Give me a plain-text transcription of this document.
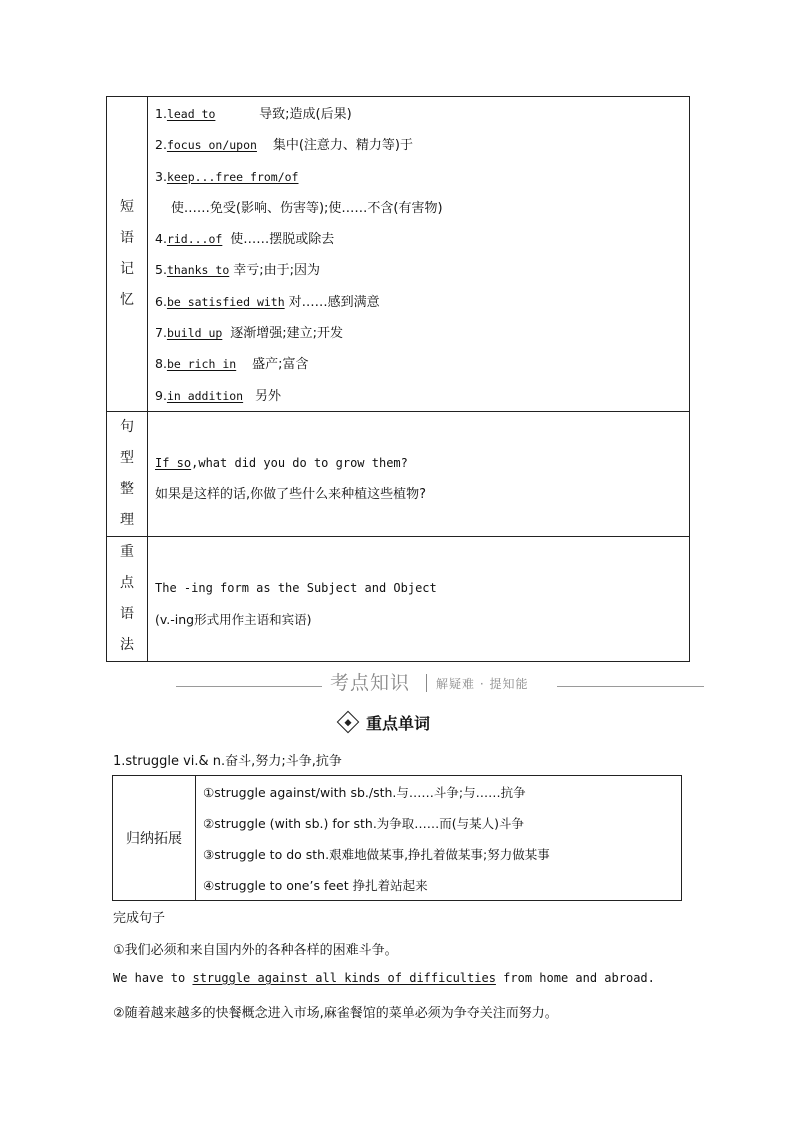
短
语
记
忆
1.lead to	导致;造成(后果)
2.focus on/upon 集中(注意力、精力等)于
3.keep...free from/of
使……免受(影响、伤害等);使……不含(有害物)
4.rid...of 使……摆脱或除去
5.thanks to 幸亏;由于;因为
6.be satisfied with 对……感到满意
7.build up 逐渐增强;建立;开发
8.be rich in 盛产;富含
9.in addition 另外
句
型
整
理
If so,what did you do to grow them?
如果是这样的话,你做了些什么来种植这些植物?
重
点
语
法
The -ing form as the Subject and Object
(v.-ing形式用作主语和宾语)
考点知识 解疑难 · 提知能
重点单词
1.struggle vi.& n.奋斗,努力;斗争,抗争
归纳拓展
①struggle against/with sb./sth.与……斗争;与……抗争
②struggle (with sb.) for sth.为争取……而(与某人)斗争
③struggle to do sth.艰难地做某事,挣扎着做某事;努力做某事
④struggle to one’s feet 挣扎着站起来
完成句子
①我们必须和来自国内外的各种各样的困难斗争。
We have to struggle against all kinds of difficulties from home and abroad.
②随着越来越多的快餐概念进入市场,麻雀餐馆的菜单必须为争夺关注而努力。
